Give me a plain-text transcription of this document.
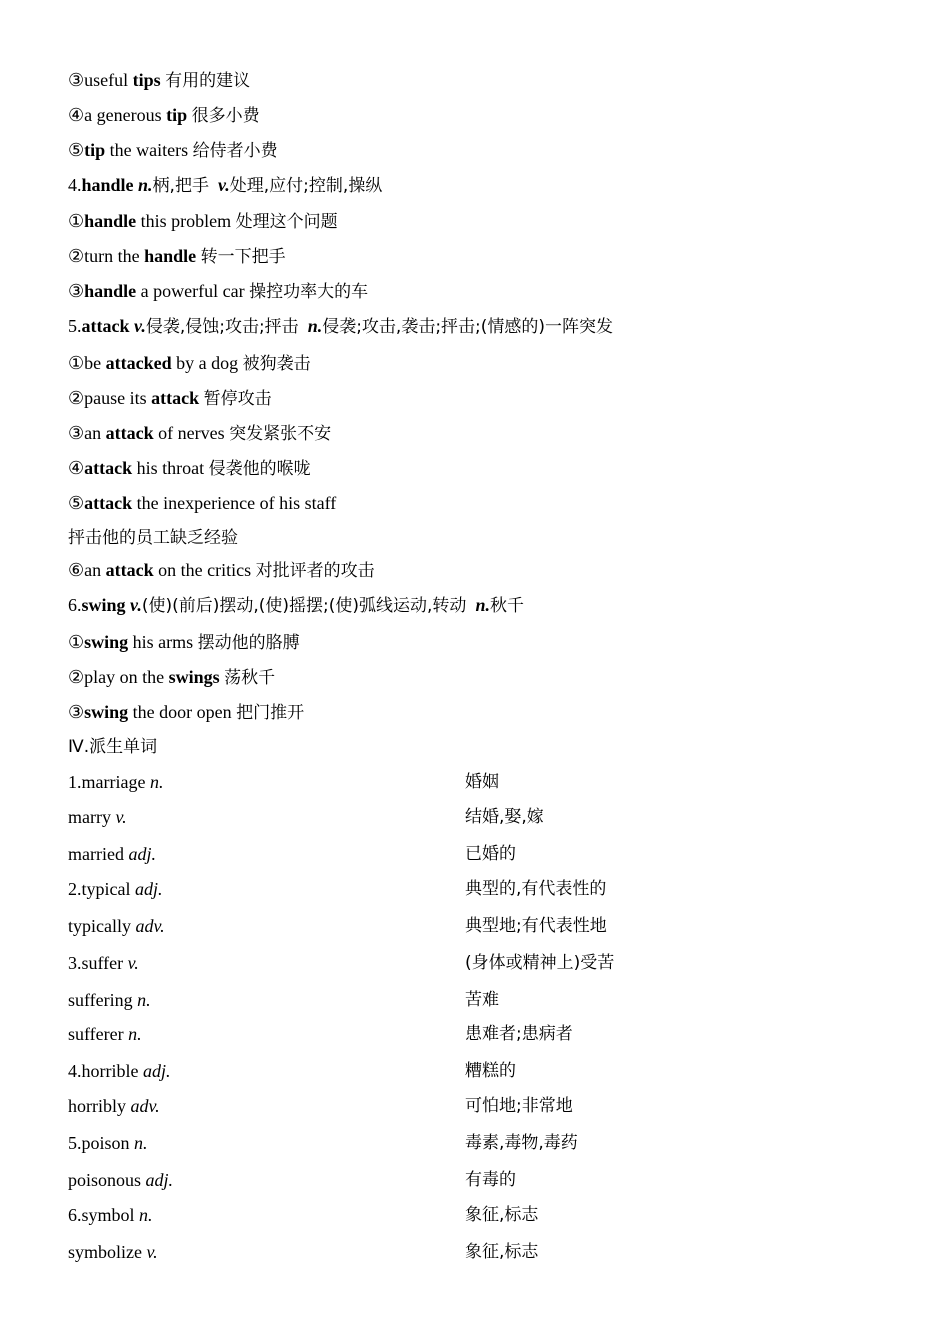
③useful tips 有用的建议
④a generous tip 很多小费
⑤tip the waiters 给侍者小费
4.handle n.柄,把手 v.处理,应付;控制,操纵
①handle this problem 处理这个问题
②turn the handle 转一下把手
③handle a powerful car 操控功率大的车
5.attack v.侵袭,侵蚀;攻击;抨击 n.侵袭;攻击,袭击;抨击;(情感的)一阵突发
①be attacked by a dog 被狗袭击
②pause its attack 暂停攻击
③an attack of nerves 突发紧张不安
④attack his throat 侵袭他的喉咙
⑤attack the inexperience of his staff
抨击他的员工缺乏经验
⑥an attack on the critics 对批评者的攻击
6.swing v.(使)(前后)摆动,(使)摇摆;(使)弧线运动,转动 n.秋千
①swing his arms 摆动他的胳膊
②play on the swings 荡秋千
③swing the door open 把门推开
Ⅳ.派生单词
1.marriage n.	婚姻
marry v.	结婚,娶,嫁
married adj.	已婚的
2.typical adj.	典型的,有代表性的
typically adv.	典型地;有代表性地
3.suffer v.	(身体或精神上)受苦
suffering n.	苦难
sufferer n.	患难者;患病者
4.horrible adj.	糟糕的
horribly adv.	可怕地;非常地
5.poison n.	毒素,毒物,毒药
poisonous adj.	有毒的
6.symbol n.	象征,标志
symbolize v.	象征,标志
